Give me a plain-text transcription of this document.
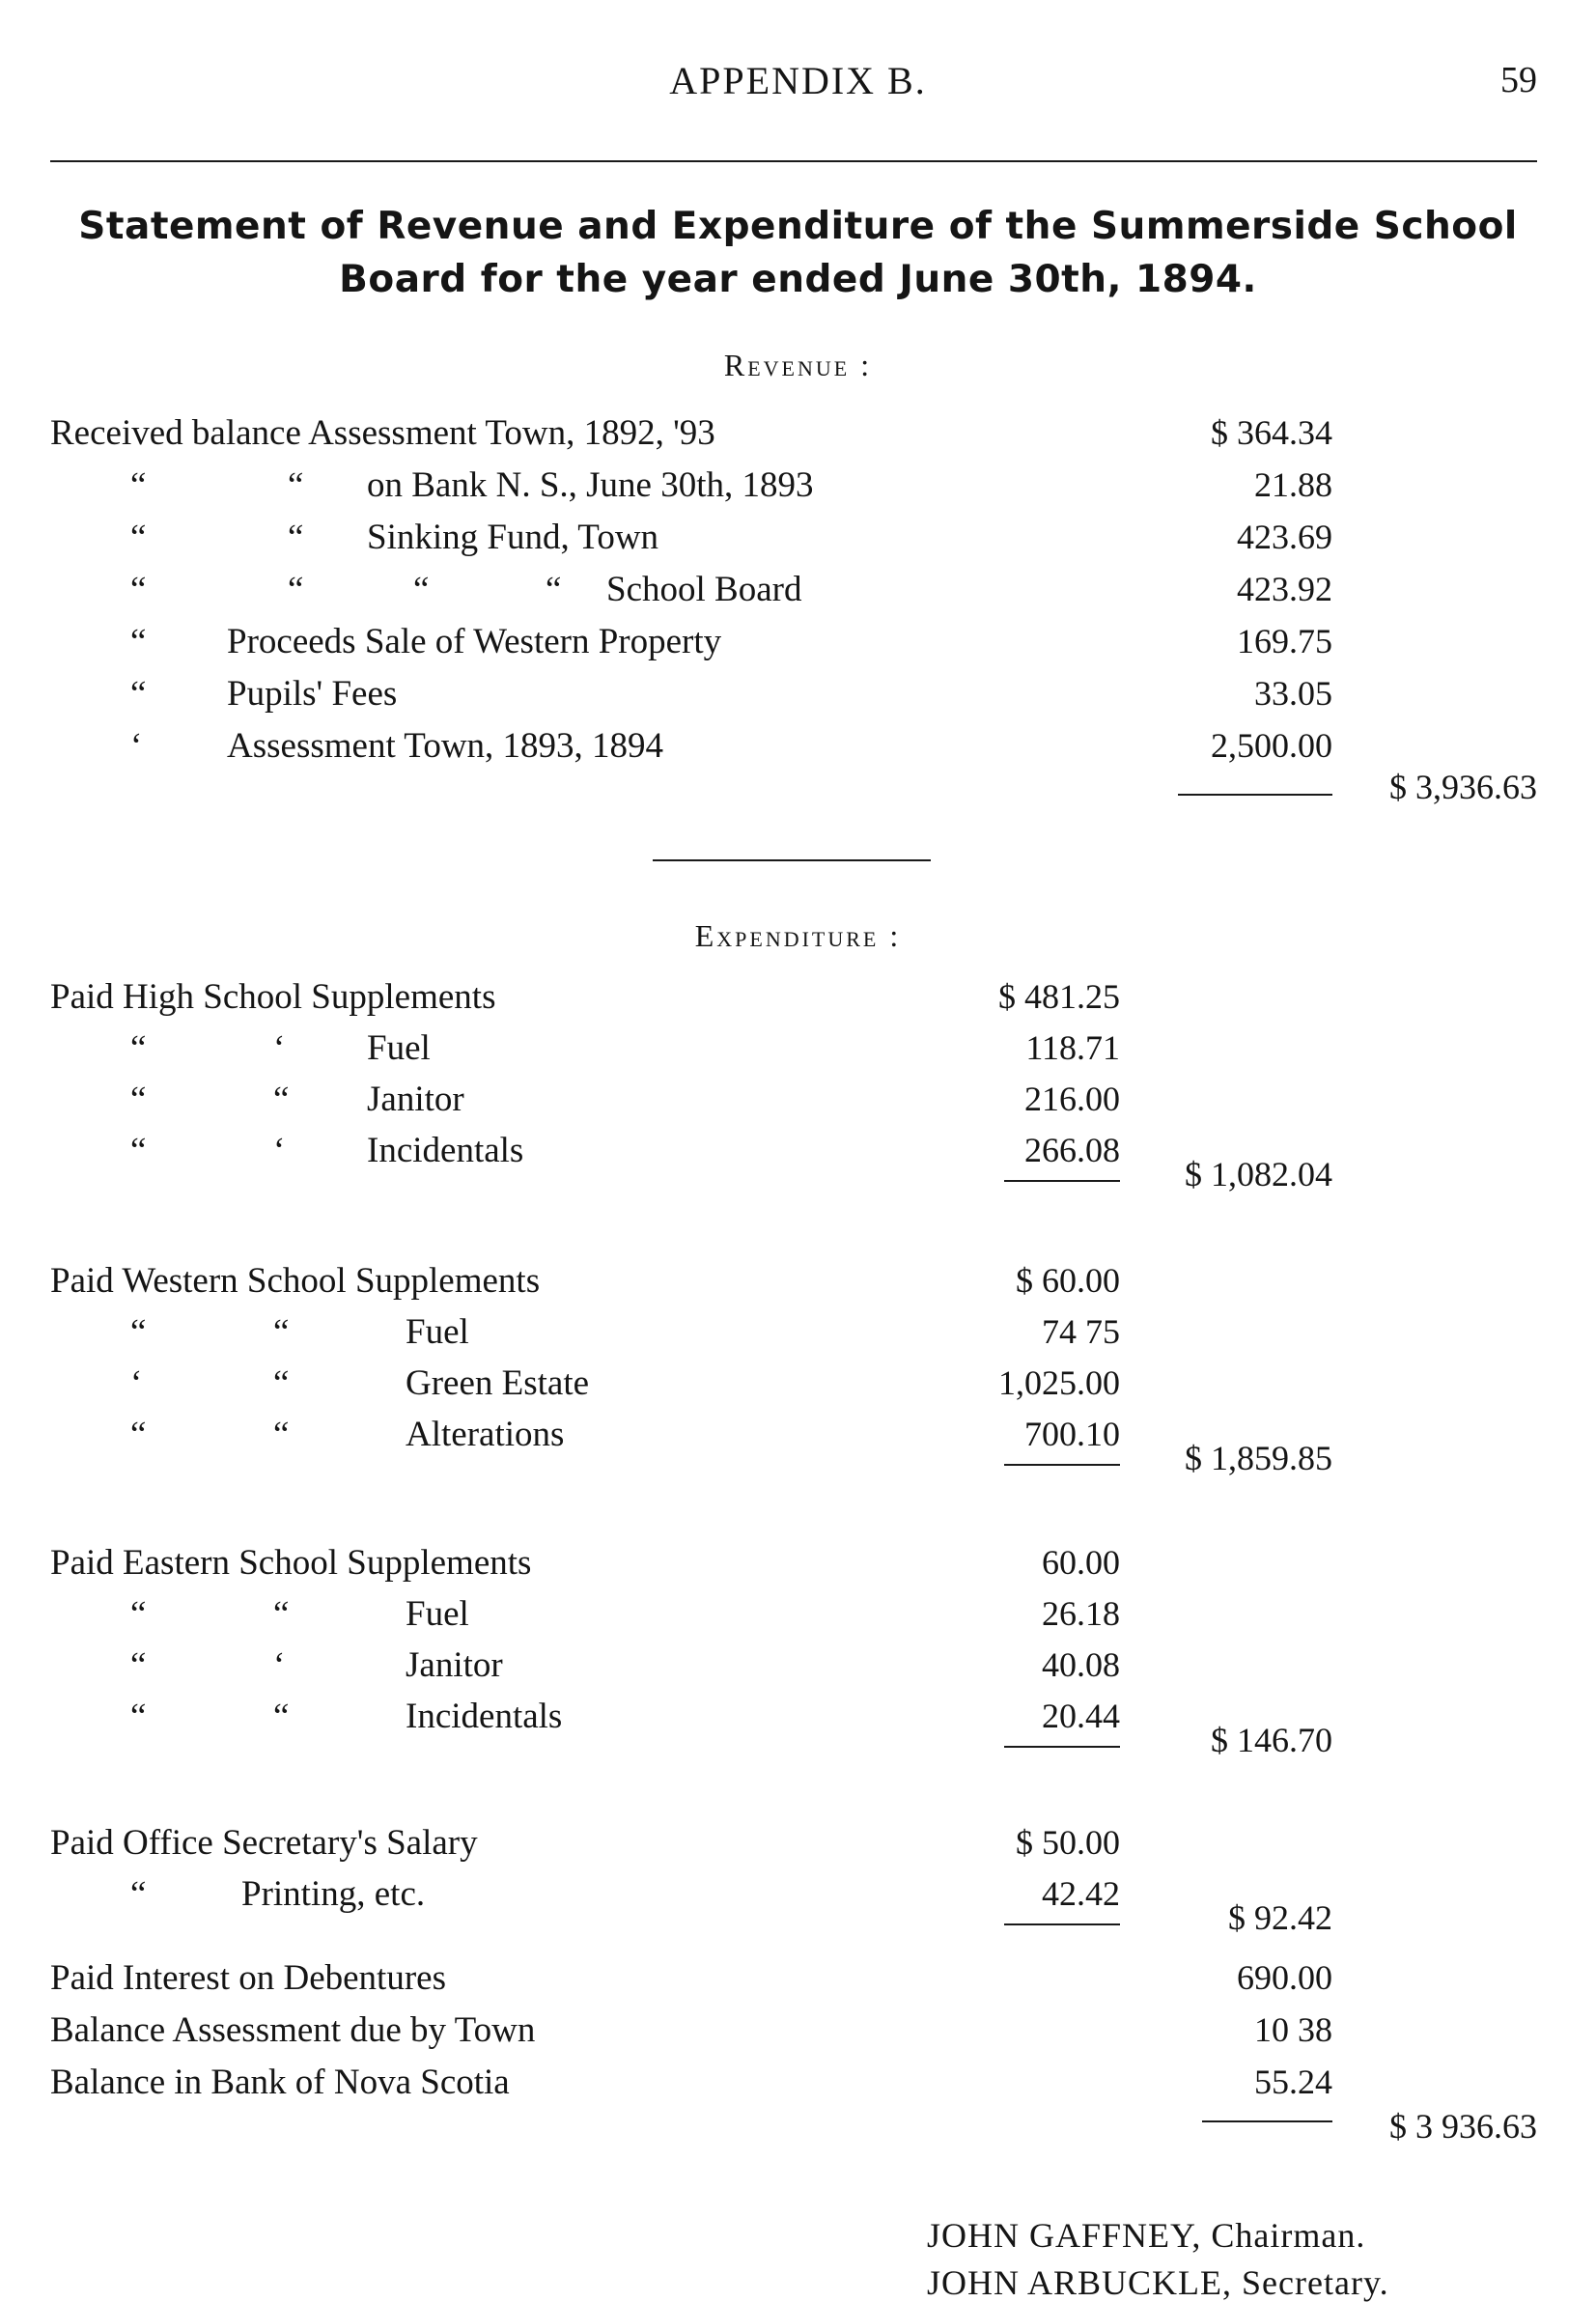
APPENDIX B.	59
Statement of Revenue and Expenditure of the Summerside School
Board for the year ended June 30th, 1894.
Revenue :
Received balance Assessment Town, 1892, '93	$ 364.34
“	“ on Bank N. S., June 30th, 1893	21.88
“	“ Sinking Fund, Town	423.69
“	“	“	“ School Board	423.92
“ Proceeds Sale of Western Property	169.75
“ Pupils' Fees	33.05
‘ Assessment Town, 1893, 1894	2,500.00
$ 3,936.63
Expenditure :
Paid High School Supplements	$ 481.25
“	‘ Fuel	118.71
“	“ Janitor	216.00
“	‘ Incidentals	266.08
$ 1,082.04
Paid Western School Supplements	$ 60.00
“	“	Fuel	74 75
‘	“	Green Estate	1,025.00
“	“	Alterations	700.10
$ 1,859.85
Paid Eastern School Supplements	60.00
“	“	Fuel	26.18
“	‘	Janitor	40.08
“	“	Incidentals	20.44
$ 146.70
Paid Office Secretary's Salary	$ 50.00
“	Printing, etc.	42.42
$ 92.42
Paid Interest on Debentures	690.00
Balance Assessment due by Town	10 38
Balance in Bank of Nova Scotia	55.24
$ 3 936.63
JOHN GAFFNEY, Chairman.
JOHN ARBUCKLE, Secretary.
